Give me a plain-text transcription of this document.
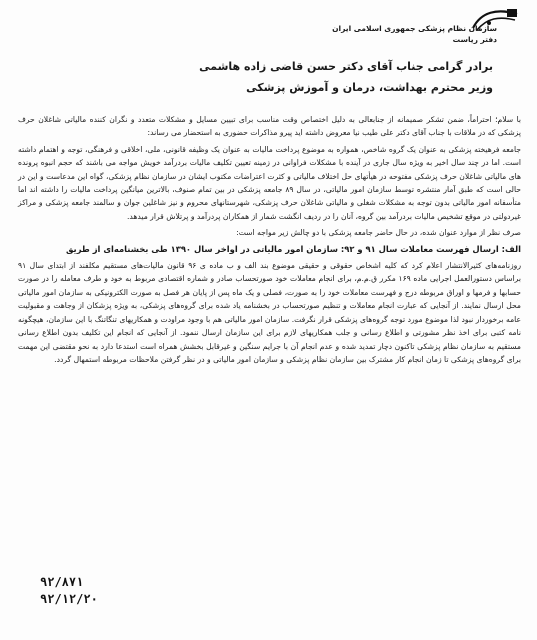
سازمان نظام پزشکی جمهوری اسلامی ایران
دفتر ریاست
برادر گرامی جناب آقای دکتر حسن قاضی زاده هاشمی
وزیر محترم بهداشت، درمان و آموزش پزشکی

با سلام؛ احتراماً، ضمن تشکر صمیمانه از جنابعالی به دلیل اختصاص وقت مناسب برای تبیین مسایل و مشکلات متعدد و نگران کننده مالیاتی شاغلان حرف پزشکی که در ملاقات با جناب آقای دکتر علی طیب نیا معروض داشته اید پیرو مذاکرات حضوری به استحضار می رساند:

جامعه فرهیخته پزشکی به عنوان یک گروه شاخص، همواره به موضوع پرداخت مالیات به عنوان یک وظیفه قانونی، ملی، اخلاقی و فرهنگی، توجه و اهتمام داشته است. اما در چند سال اخیر به ویژه سال جاری در آینده با مشکلات فراوانی در زمینه تعیین تکلیف مالیات بردرآمد خویش مواجه می باشند که حجم انبوه پرونده های مالیاتی شاغلان حرف پزشکی مفتوحه در هیأتهای حل اختلاف مالیاتی و کثرت اعتراضات مکتوب ایشان در سازمان نظام پزشکی، گواه این مدعاست و این در حالی است که طبق آمار منتشره توسط سازمان امور مالیاتی، در سال ۸۹ جامعه پزشکی در بین تمام صنوف، بالاترین میانگین پرداخت مالیات را داشته اند اما متأسفانه امور مالیاتی بدون توجه به مشکلات شغلی و مالیاتی شاغلان حرف پزشکی، شهرستانهای محروم و نیز شاغلین جوان و سالمند جامعه پزشکی و مراکز غیردولتی در موقع تشخیص مالیات بردرآمد بین گروه، آنان را در ردیف انگشت شمار از همکاران پردرآمد و پرتلاش قرار میدهد.

صرف نظر از موارد عنوان شده، در حال حاضر جامعه پزشکی با دو چالش زیر مواجه است:

الف: ارسال فهرست معاملات سال ۹۱ و ۹۲: سازمان امور مالیاتی در اواخر سال ۱۳۹۰ طی بخشنامه‌ای از طریق

روزنامه‌های کثیرالانتشار اعلام کرد که کلیه اشخاص حقوقی و حقیقی موضوع بند الف و ب ماده ی ۹۶ قانون مالیات‌های مستقیم مکلفند از ابتدای سال ۹۱ براساس دستورالعمل اجرایی ماده ۱۶۹ مکرر ق.م.م، برای انجام معاملات خود صورتحساب صادر و شماره اقتصادی مربوط به خود و طرف معامله را در صورت حسابها و فرمها و اوراق مربوطه درج و فهرست معاملات خود را به صورت، فصلی و یک ماه پس از پایان هر فصل به صورت الکترونیکی به سازمان امور مالیاتی محل ارسال نمایند. از آنجایی که عبارت انجام معاملات و تنظیم صورتحساب در بخشنامه یاد شده برای گروه‌های پزشکی، به ویژه پزشکان از وجاهت و مقبولیت عامه برخوردار نبود لذا موضوع مورد توجه گروه‌های پزشکی قرار نگرفت. سازمان امور مالیاتی هم با وجود مراودت و همکاریهای تنگاتنگ با این سازمان، هیچگونه نامه کتبی برای اخذ نظر مشورتی و اطلاع رسانی و جلب همکاریهای لازم برای این سازمان ارسال ننمود. از آنجایی که انجام این تکلیف بدون اطلاع رسانی مستقیم به سازمان نظام پزشکی تاکنون دچار تمدید شده و عدم انجام آن با جرایم سنگین و غیرقابل بخشش همراه است استدعا دارد به نحو مقتضی این مهمت برای گروه‌های پزشکی تا زمان انجام کار مشترک بین سازمان نظام پزشکی و سازمان امور مالیاتی و در نظر گرفتن ملاحظات مربوطه استمهال گردد.

۹۲/۸۷۱
۹۲/۱۲/۲۰
